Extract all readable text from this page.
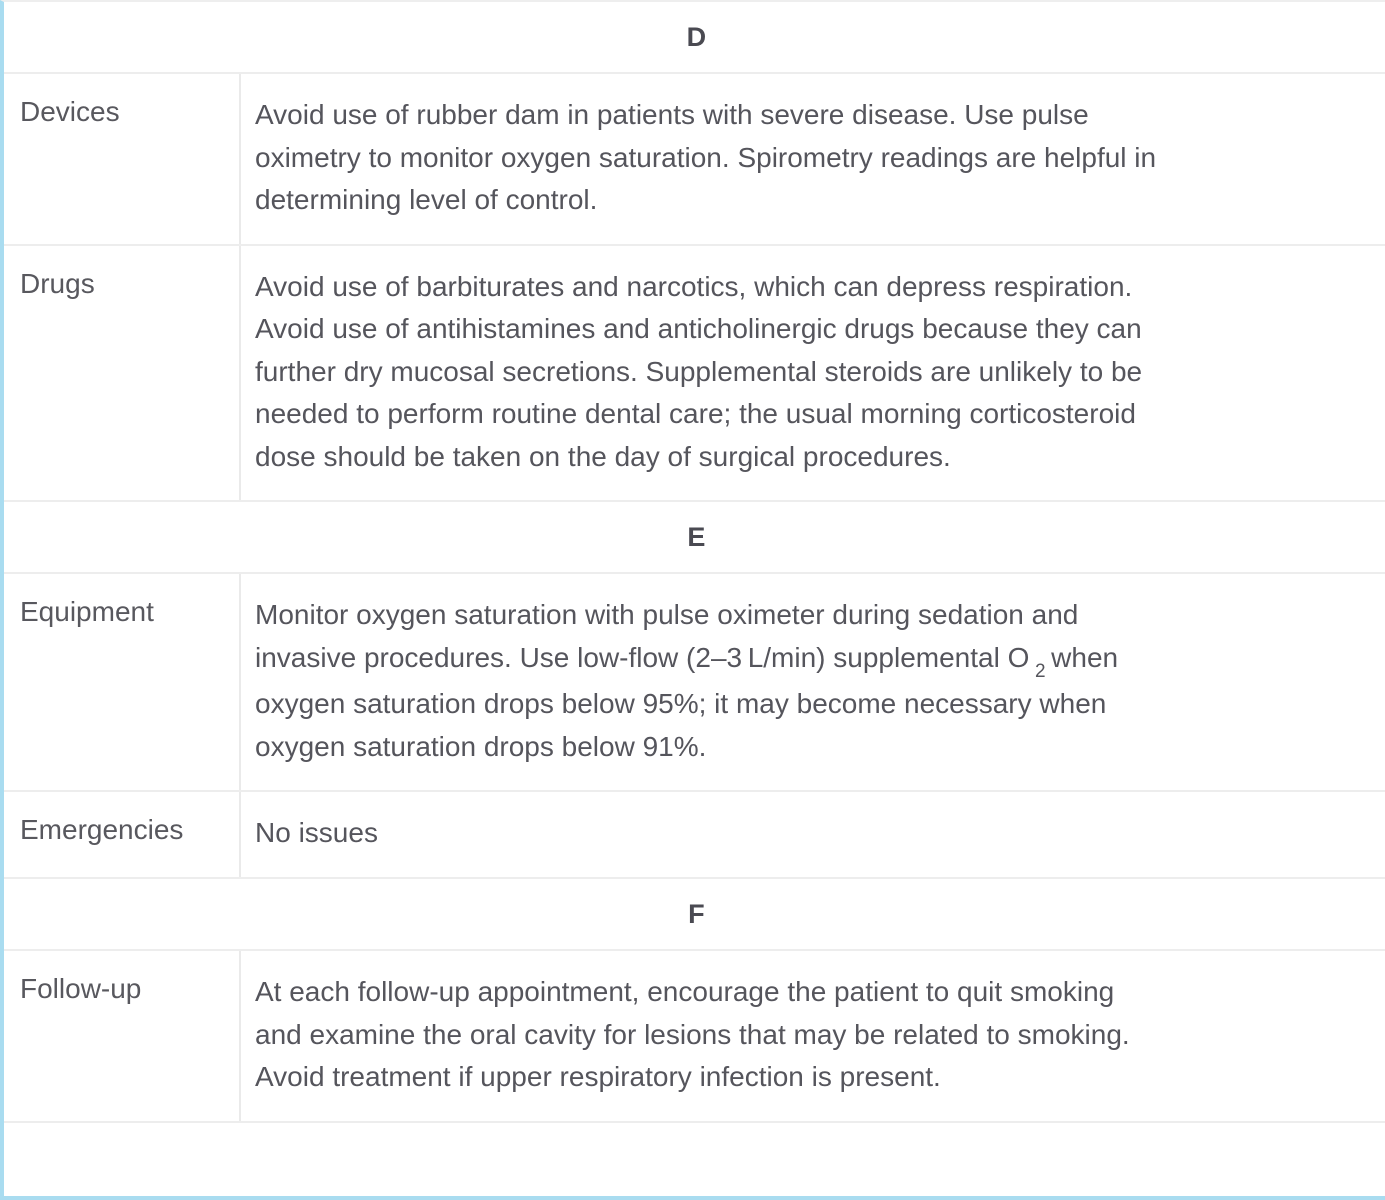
D	
Devices	Avoid use of rubber dam in patients with severe disease. Use pulse
oximetry to monitor oxygen saturation. Spirometry readings are helpful in
determining level of control.

Drugs	Avoid use of barbiturates and narcotics, which can depress respiration.
Avoid use of antihistamines and anticholinergic drugs because they can
further dry mucosal secretions. Supplemental steroids are unlikely to be
needed to perform routine dental care; the usual morning corticosteroid
dose should be taken on the day of surgical procedures.

E	
Equipment	Monitor oxygen saturation with pulse oximeter during sedation and
invasive procedures. Use low-flow (2–3 L/min) supplemental O $_2$ when
oxygen saturation drops below 95%; it may become necessary when
oxygen saturation drops below 91%.

Emergencies	No issues

F	
Follow-up	At each follow-up appointment, encourage the patient to quit smoking
and examine the oral cavity for lesions that may be related to smoking.
Avoid treatment if upper respiratory infection is present.
